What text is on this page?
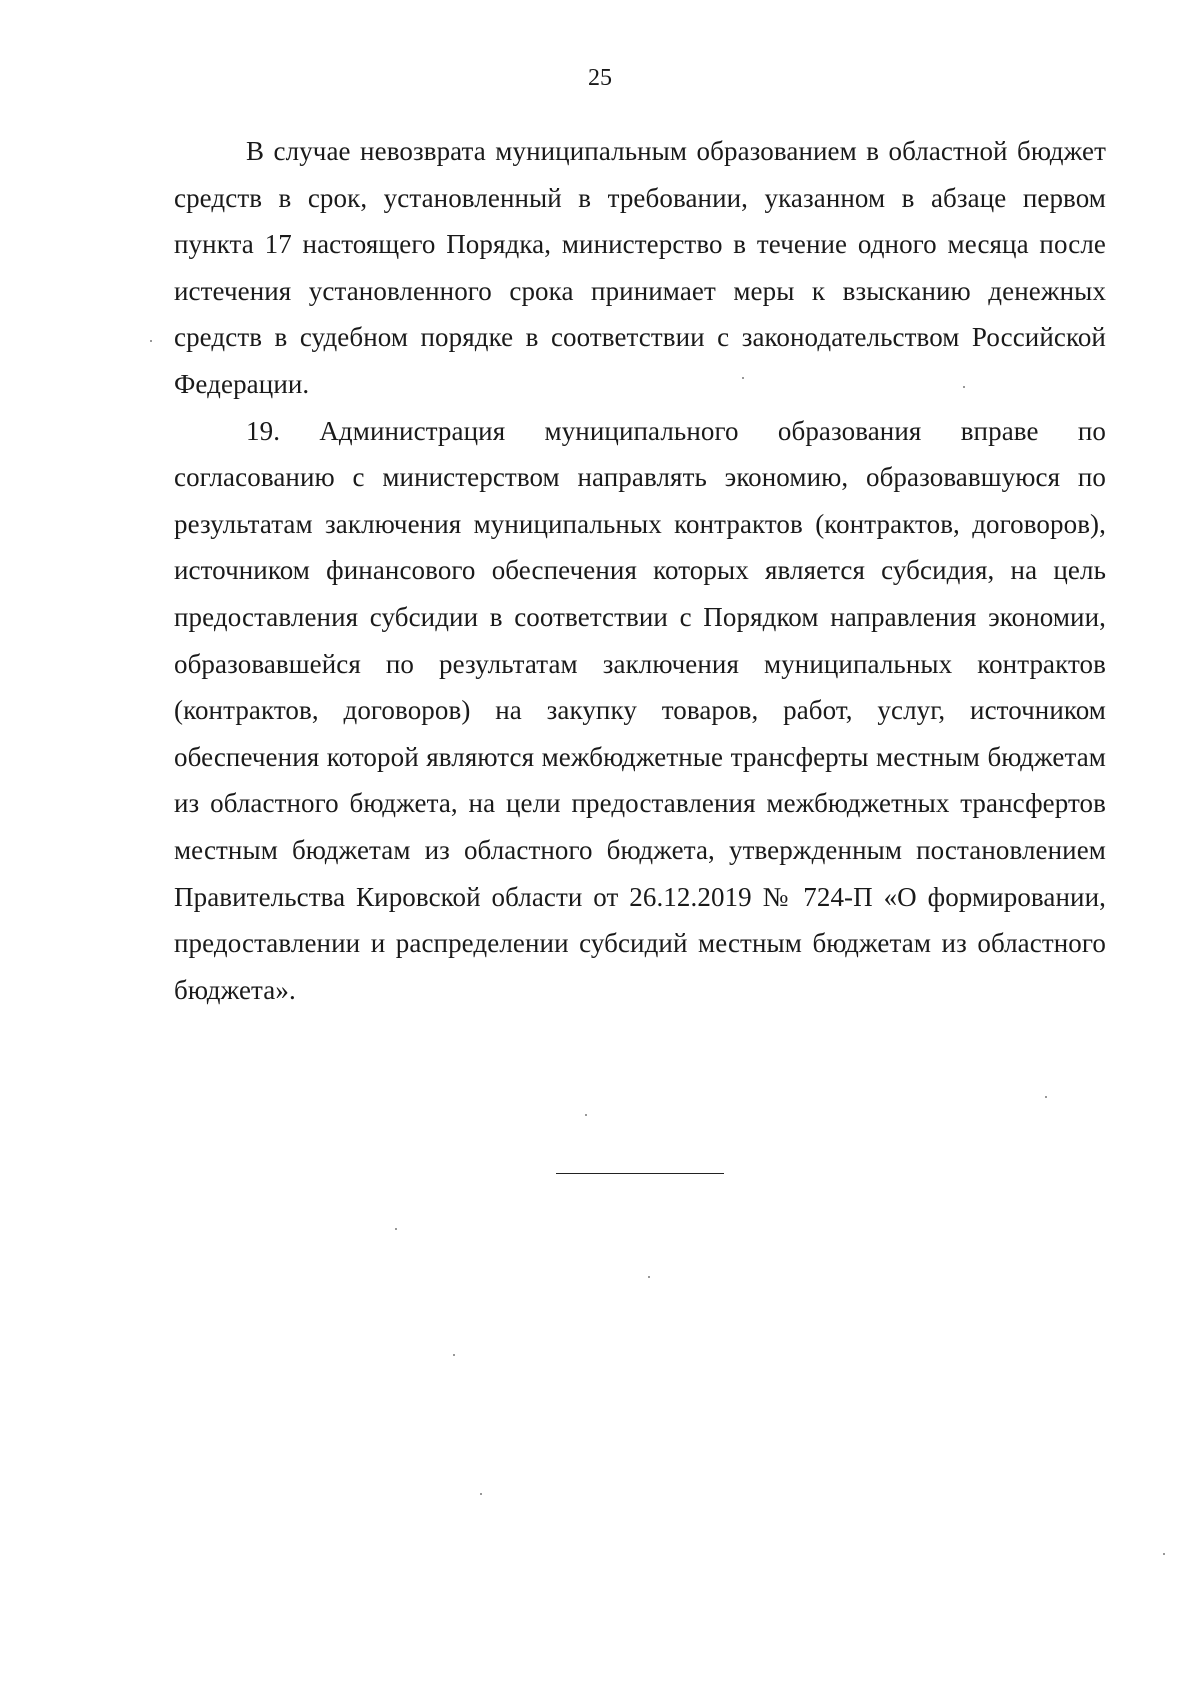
25

В случае невозврата муниципальным образованием в областной бюджет средств в срок, установленный в требовании, указанном в абзаце первом пункта 17 настоящего Порядка, министерство в течение одного месяца после истечения установленного срока принимает меры к взысканию денежных средств в судебном порядке в соответствии с законодательством Российской Федерации.

19. Администрация муниципального образования вправе по согласованию с министерством направлять экономию, образовавшуюся по результатам заключения муниципальных контрактов (контрактов, договоров), источником финансового обеспечения которых является субсидия, на цель предоставления субсидии в соответствии с Порядком направления экономии, образовавшейся по результатам заключения муниципальных контрактов (контрактов, договоров) на закупку товаров, работ, услуг, источником обеспечения которой являются межбюджетные трансферты местным бюджетам из областного бюджета, на цели предоставления межбюджетных трансфертов местным бюджетам из областного бюджета, утвержденным постановлением Правительства Кировской области от 26.12.2019 № 724-П «О формировании, предоставлении и распределении субсидий местным бюджетам из областного бюджета».
